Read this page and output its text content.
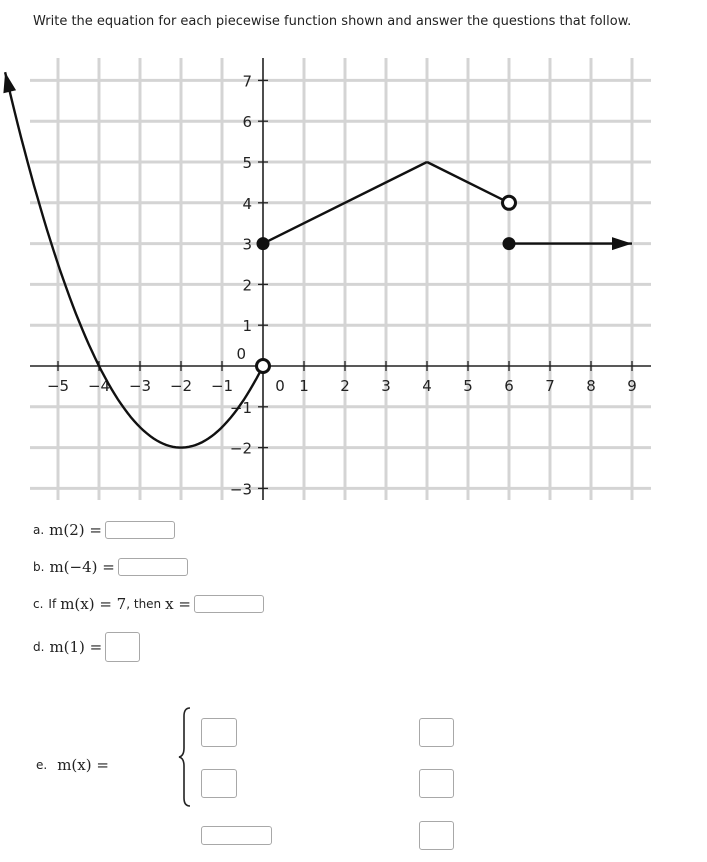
Write the equation for each piecewise function shown and answer the questions that follow.
−5 −4 −3 −2 −1	0 1 2 3 4 5 6 7 8 9
−3
−2
−1
0
1
2
3
4
5
6
7
a. m(2) =
b. m(−4) =
c. If m(x) = 7 , then x =
d. m(1) =
e. m(x) =
